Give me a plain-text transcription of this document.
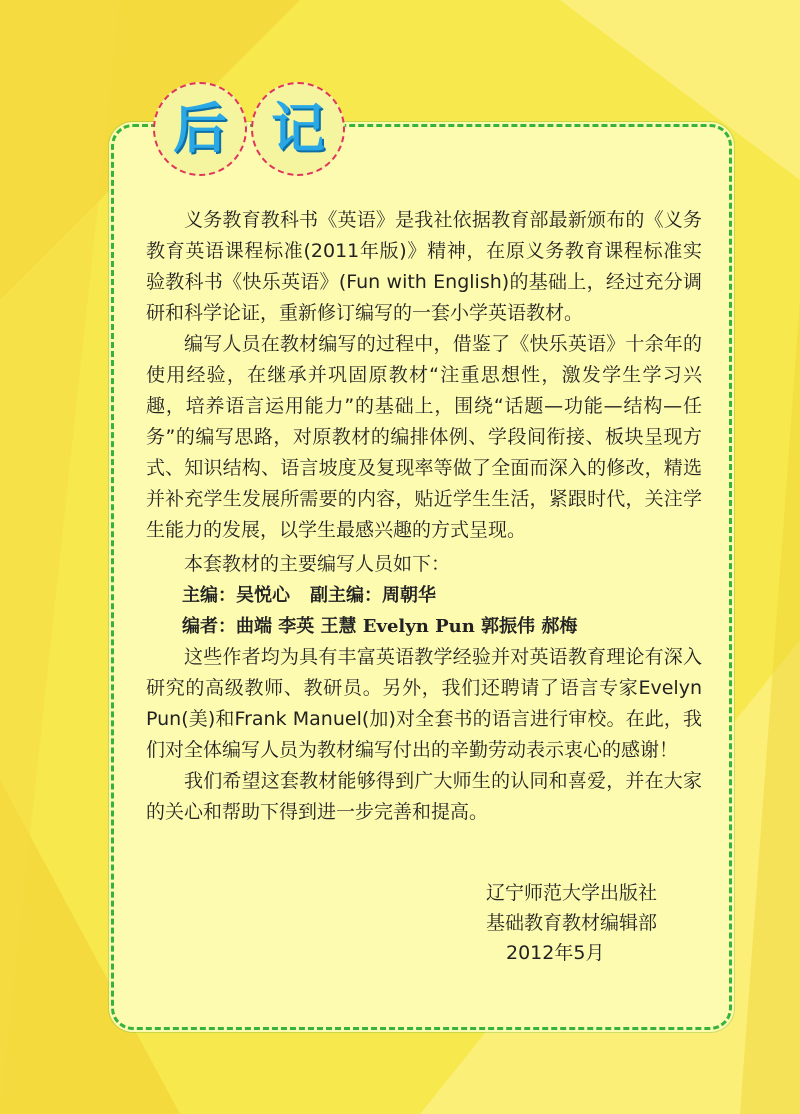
后 记

义务教育教科书《英语》是我社依据教育部最新颁布的《义务教育英语课程标准(2011年版)》精神，在原义务教育课程标准实验教科书《快乐英语》(Fun with English)的基础上，经过充分调研和科学论证，重新修订编写的一套小学英语教材。

编写人员在教材编写的过程中，借鉴了《快乐英语》十余年的使用经验，在继承并巩固原教材“注重思想性，激发学生学习兴趣，培养语言运用能力”的基础上，围绕“话题—功能—结构—任务”的编写思路，对原教材的编排体例、学段间衔接、板块呈现方式、知识结构、语言坡度及复现率等做了全面而深入的修改，精选并补充学生发展所需要的内容，贴近学生生活，紧跟时代，关注学生能力的发展，以学生最感兴趣的方式呈现。

本套教材的主要编写人员如下：

主编：吴悦心 副主编：周朝华

编者：曲端 李英 王慧 Evelyn Pun 郭振伟 郝梅

这些作者均为具有丰富英语教学经验并对英语教育理论有深入研究的高级教师、教研员。另外，我们还聘请了语言专家Evelyn Pun(美)和Frank Manuel(加)对全套书的语言进行审校。在此，我们对全体编写人员为教材编写付出的辛勤劳动表示衷心的感谢！

我们希望这套教材能够得到广大师生的认同和喜爱，并在大家的关心和帮助下得到进一步完善和提高。

辽宁师范大学出版社
基础教育教材编辑部
2012年5月
